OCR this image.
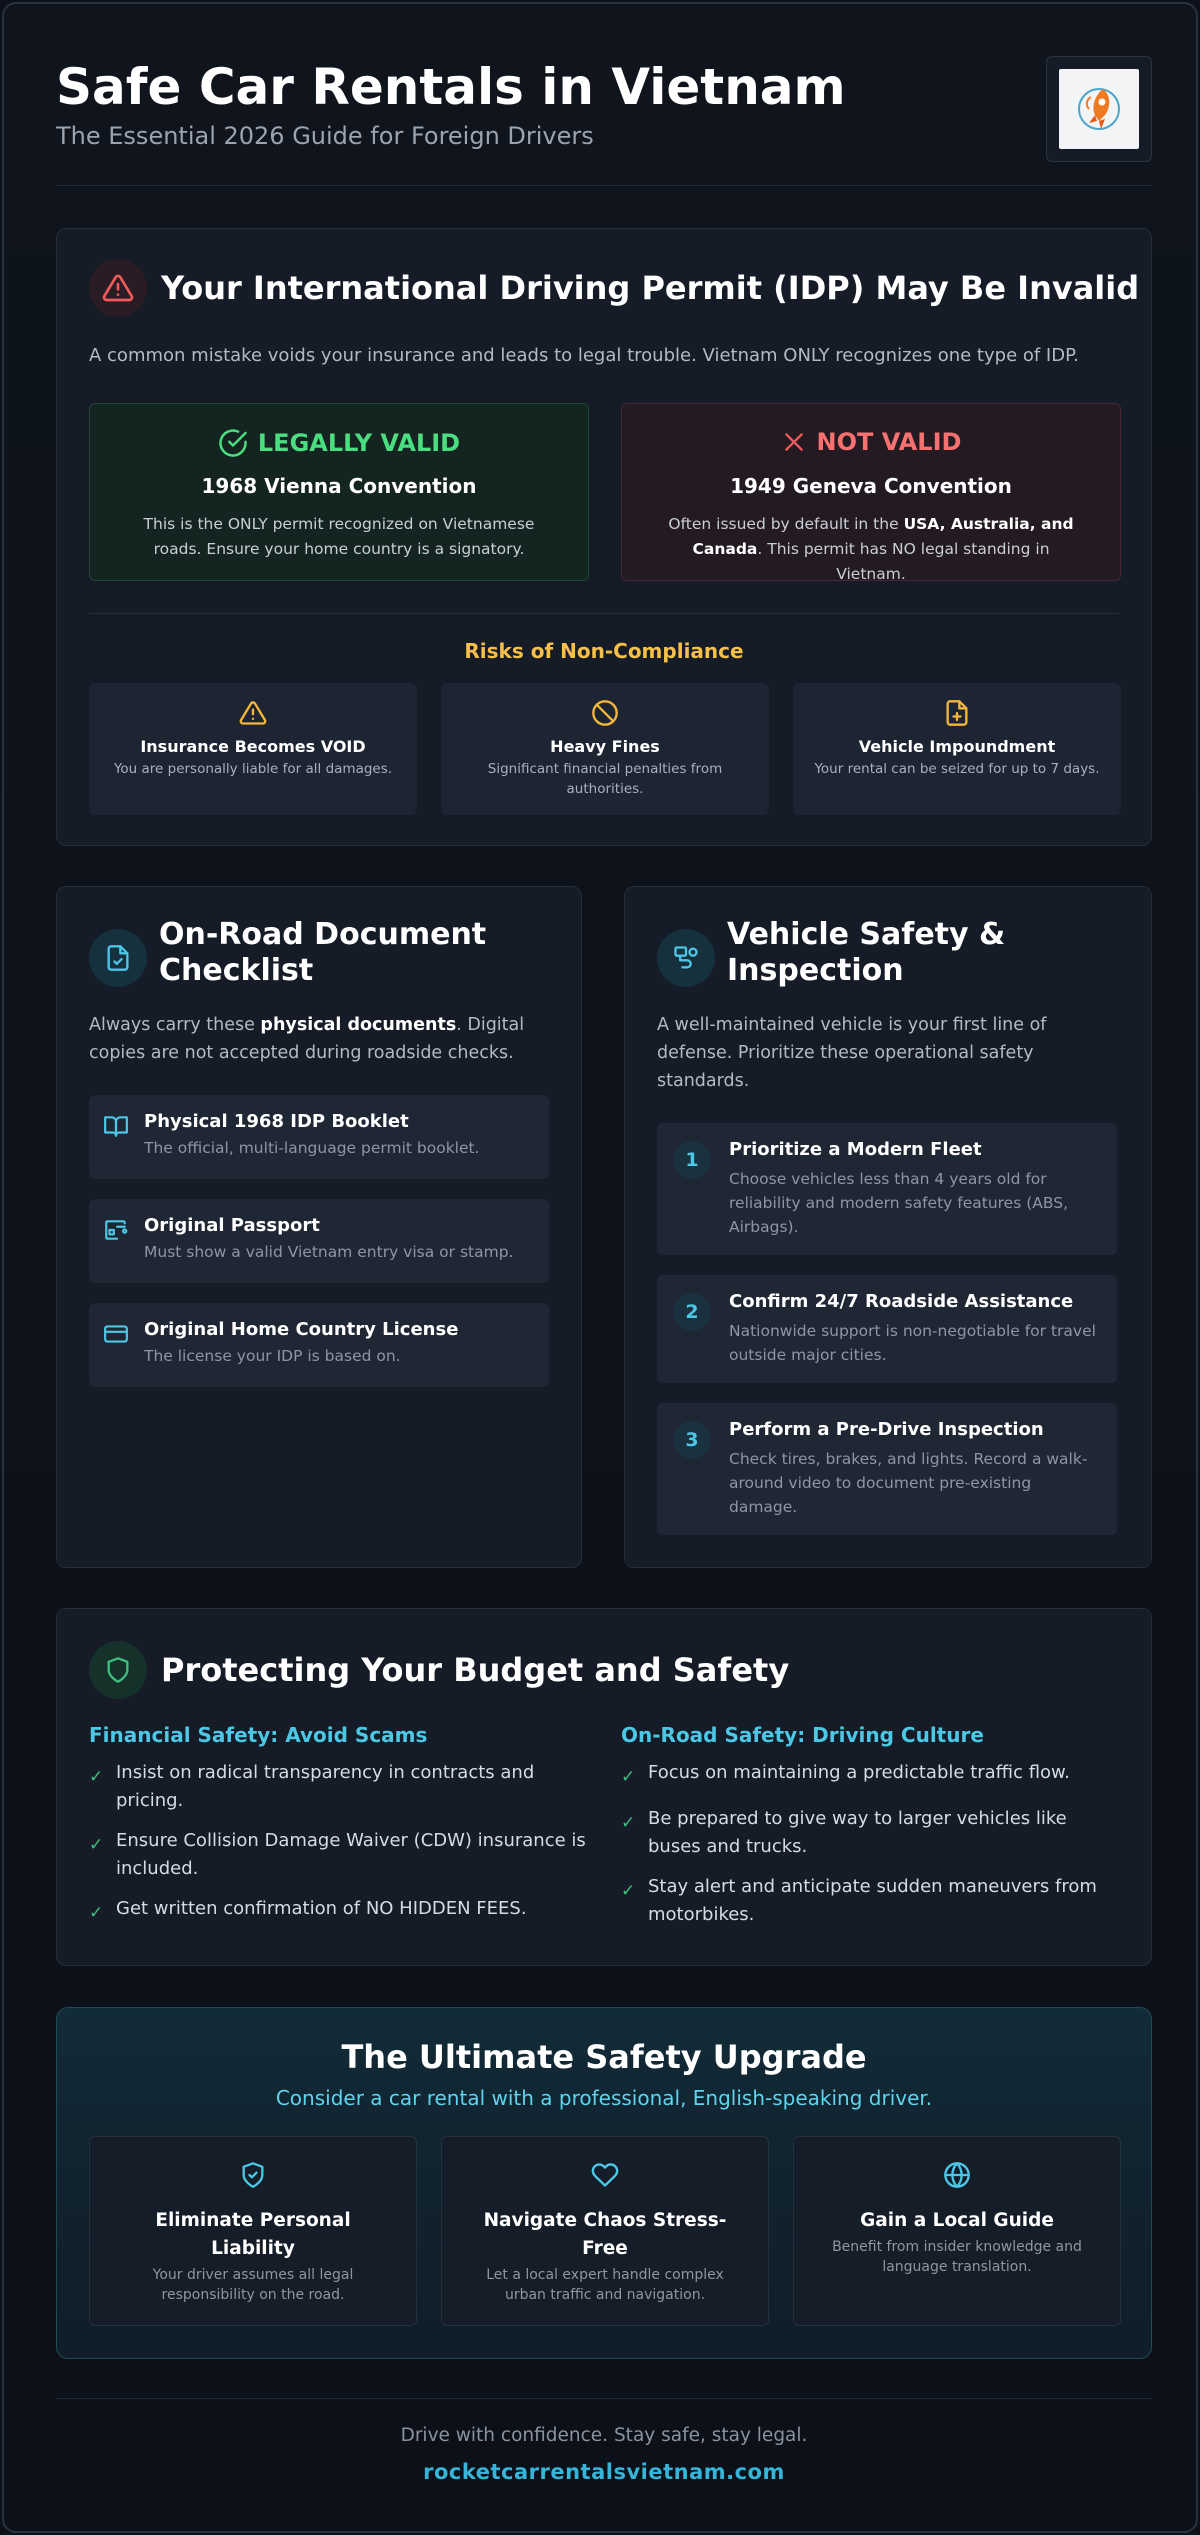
Safe Car Rentals in Vietnam
The Essential 2026 Guide for Foreign Drivers
Your International Driving Permit (IDP) May Be Invalid
A common mistake voids your insurance and leads to legal trouble. Vietnam ONLY recognizes one type of IDP.
LEGALLY VALID
1968 Vienna Convention
This is the ONLY permit recognized on Vietnamese roads. Ensure your home country is a signatory.
NOT VALID
1949 Geneva Convention
Often issued by default in the USA, Australia, and Canada. This permit has NO legal standing in Vietnam.
Risks of Non-Compliance
Insurance Becomes VOID
You are personally liable for all damages.
Heavy Fines
Significant financial penalties from authorities.
Vehicle Impoundment
Your rental can be seized for up to 7 days.
On-Road Document Checklist
Always carry these physical documents. Digital copies are not accepted during roadside checks.
Physical 1968 IDP Booklet
The official, multi-language permit booklet.
Original Passport
Must show a valid Vietnam entry visa or stamp.
Original Home Country License
The license your IDP is based on.
Vehicle Safety & Inspection
A well-maintained vehicle is your first line of defense. Prioritize these operational safety standards.
1	Prioritize a Modern Fleet
Choose vehicles less than 4 years old for reliability and modern safety features (ABS, Airbags).
2	Confirm 24/7 Roadside Assistance
Nationwide support is non-negotiable for travel outside major cities.
3	Perform a Pre-Drive Inspection
Check tires, brakes, and lights. Record a walk-around video to document pre-existing damage.
Protecting Your Budget and Safety
Financial Safety: Avoid Scams
✓ Insist on radical transparency in contracts and pricing.
✓ Ensure Collision Damage Waiver (CDW) insurance is included.
✓ Get written confirmation of NO HIDDEN FEES.
On-Road Safety: Driving Culture
✓ Focus on maintaining a predictable traffic flow.
✓ Be prepared to give way to larger vehicles like buses and trucks.
✓ Stay alert and anticipate sudden maneuvers from motorbikes.
The Ultimate Safety Upgrade
Consider a car rental with a professional, English-speaking driver.
Eliminate Personal Liability
Your driver assumes all legal responsibility on the road.
Navigate Chaos Stress-Free
Let a local expert handle complex urban traffic and navigation.
Gain a Local Guide
Benefit from insider knowledge and language translation.
Drive with confidence. Stay safe, stay legal.
rocketcarrentalsvietnam.com
